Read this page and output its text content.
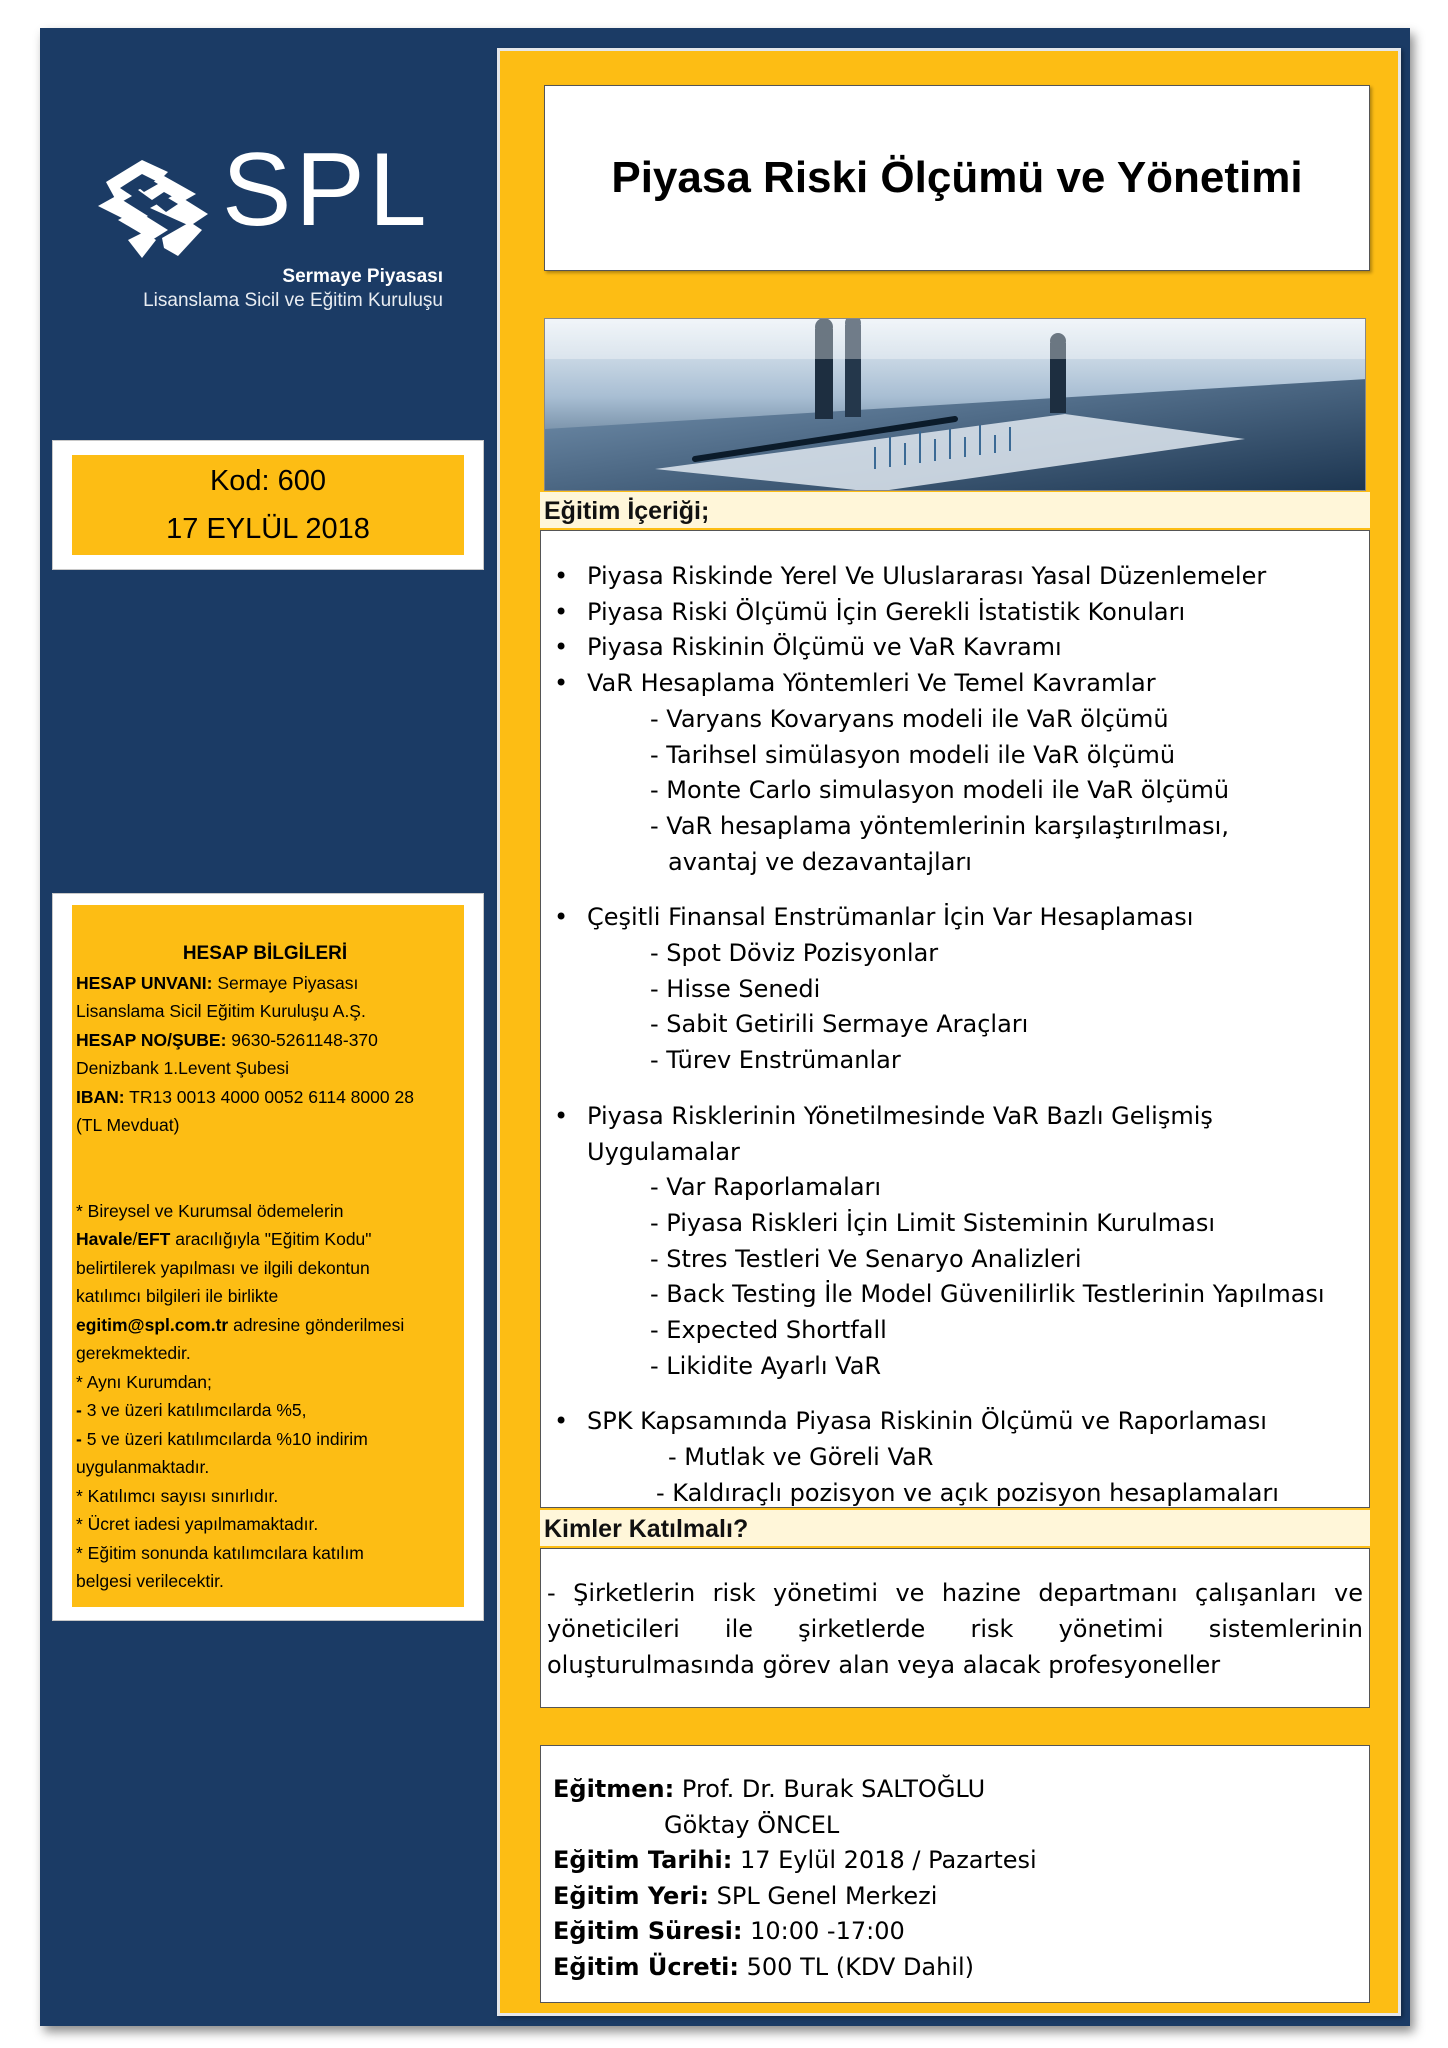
SPL
Sermaye Piyasası
Lisanslama Sicil ve Eğitim Kuruluşu
Kod: 600
17 EYLÜL 2018
HESAP BİLGİLERİ
HESAP UNVANI: Sermaye Piyasası
Lisanslama Sicil Eğitim Kuruluşu A.Ş.
HESAP NO/ŞUBE: 9630-5261148-370
Denizbank 1.Levent Şubesi
IBAN: TR13 0013 4000 0052 6114 8000 28
(TL Mevduat)
* Bireysel ve Kurumsal ödemelerin
Havale/EFT aracılığıyla "Eğitim Kodu"
belirtilerek yapılması ve ilgili dekontun
katılımcı bilgileri ile birlikte
egitim@spl.com.tr adresine gönderilmesi
gerekmektedir.
* Aynı Kurumdan;
- 3 ve üzeri katılımcılarda %5,
- 5 ve üzeri katılımcılarda %10 indirim
uygulanmaktadır.
* Katılımcı sayısı sınırlıdır.
* Ücret iadesi yapılmamaktadır.
* Eğitim sonunda katılımcılara katılım
belgesi verilecektir.
Piyasa Riski Ölçümü ve Yönetimi
Eğitim İçeriği;
• Piyasa Riskinde Yerel Ve Uluslararası Yasal Düzenlemeler
• Piyasa Riski Ölçümü İçin Gerekli İstatistik Konuları
• Piyasa Riskinin Ölçümü ve VaR Kavramı
• VaR Hesaplama Yöntemleri Ve Temel Kavramlar
- Varyans Kovaryans modeli ile VaR ölçümü
- Tarihsel simülasyon modeli ile VaR ölçümü
- Monte Carlo simulasyon modeli ile VaR ölçümü
- VaR hesaplama yöntemlerinin karşılaştırılması,
avantaj ve dezavantajları
• Çeşitli Finansal Enstrümanlar İçin Var Hesaplaması
- Spot Döviz Pozisyonlar
- Hisse Senedi
- Sabit Getirili Sermaye Araçları
- Türev Enstrümanlar
• Piyasa Risklerinin Yönetilmesinde VaR Bazlı Gelişmiş Uygulamalar
- Var Raporlamaları
- Piyasa Riskleri İçin Limit Sisteminin Kurulması
- Stres Testleri Ve Senaryo Analizleri
- Back Testing İle Model Güvenilirlik Testlerinin Yapılması
- Expected Shortfall
- Likidite Ayarlı VaR
• SPK Kapsamında Piyasa Riskinin Ölçümü ve Raporlaması
- Mutlak ve Göreli VaR
- Kaldıraçlı pozisyon ve açık pozisyon hesaplamaları
Kimler Katılmalı?
- Şirketlerin risk yönetimi ve hazine departmanı çalışanları ve yöneticileri ile şirketlerde risk yönetimi sistemlerinin oluşturulmasında görev alan veya alacak profesyoneller
Eğitmen: Prof. Dr. Burak SALTOĞLU
Göktay ÖNCEL
Eğitim Tarihi: 17 Eylül 2018 / Pazartesi
Eğitim Yeri: SPL Genel Merkezi
Eğitim Süresi: 10:00 -17:00
Eğitim Ücreti: 500 TL (KDV Dahil)
